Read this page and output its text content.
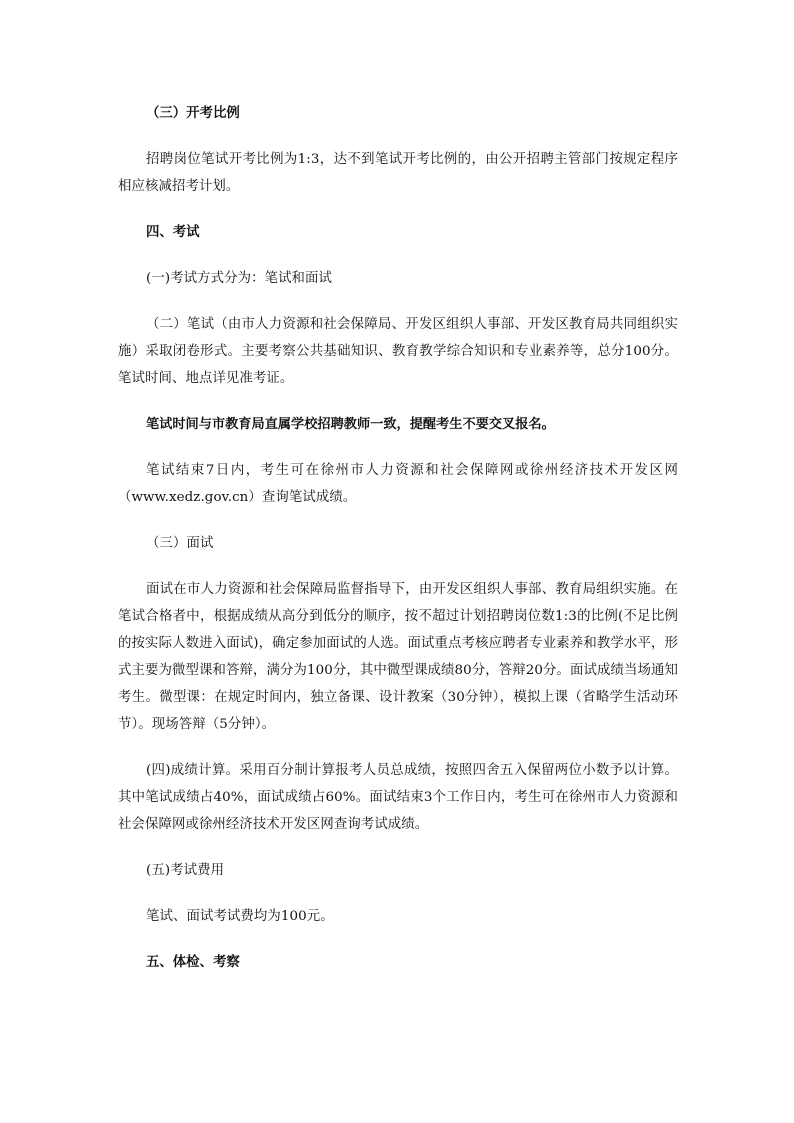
（三）开考比例

招聘岗位笔试开考比例为1:3，达不到笔试开考比例的，由公开招聘主管部门按规定程序相应核减招考计划。

四、考试

(一)考试方式分为：笔试和面试

（二）笔试（由市人力资源和社会保障局、开发区组织人事部、开发区教育局共同组织实施）采取闭卷形式。主要考察公共基础知识、教育教学综合知识和专业素养等，总分100分。笔试时间、地点详见准考证。

笔试时间与市教育局直属学校招聘教师一致，提醒考生不要交叉报名。

笔试结束7日内，考生可在徐州市人力资源和社会保障网或徐州经济技术开发区网（www.xedz.gov.cn）查询笔试成绩。

（三）面试

面试在市人力资源和社会保障局监督指导下，由开发区组织人事部、教育局组织实施。在笔试合格者中，根据成绩从高分到低分的顺序，按不超过计划招聘岗位数1:3的比例(不足比例的按实际人数进入面试)，确定参加面试的人选。面试重点考核应聘者专业素养和教学水平，形式主要为微型课和答辩，满分为100分，其中微型课成绩80分，答辩20分。面试成绩当场通知考生。微型课：在规定时间内，独立备课、设计教案（30分钟），模拟上课（省略学生活动环节）。现场答辩（5分钟）。

(四)成绩计算。采用百分制计算报考人员总成绩，按照四舍五入保留两位小数予以计算。其中笔试成绩占40%，面试成绩占60%。面试结束3个工作日内，考生可在徐州市人力资源和社会保障网或徐州经济技术开发区网查询考试成绩。

(五)考试费用

笔试、面试考试费均为100元。

五、体检、考察
